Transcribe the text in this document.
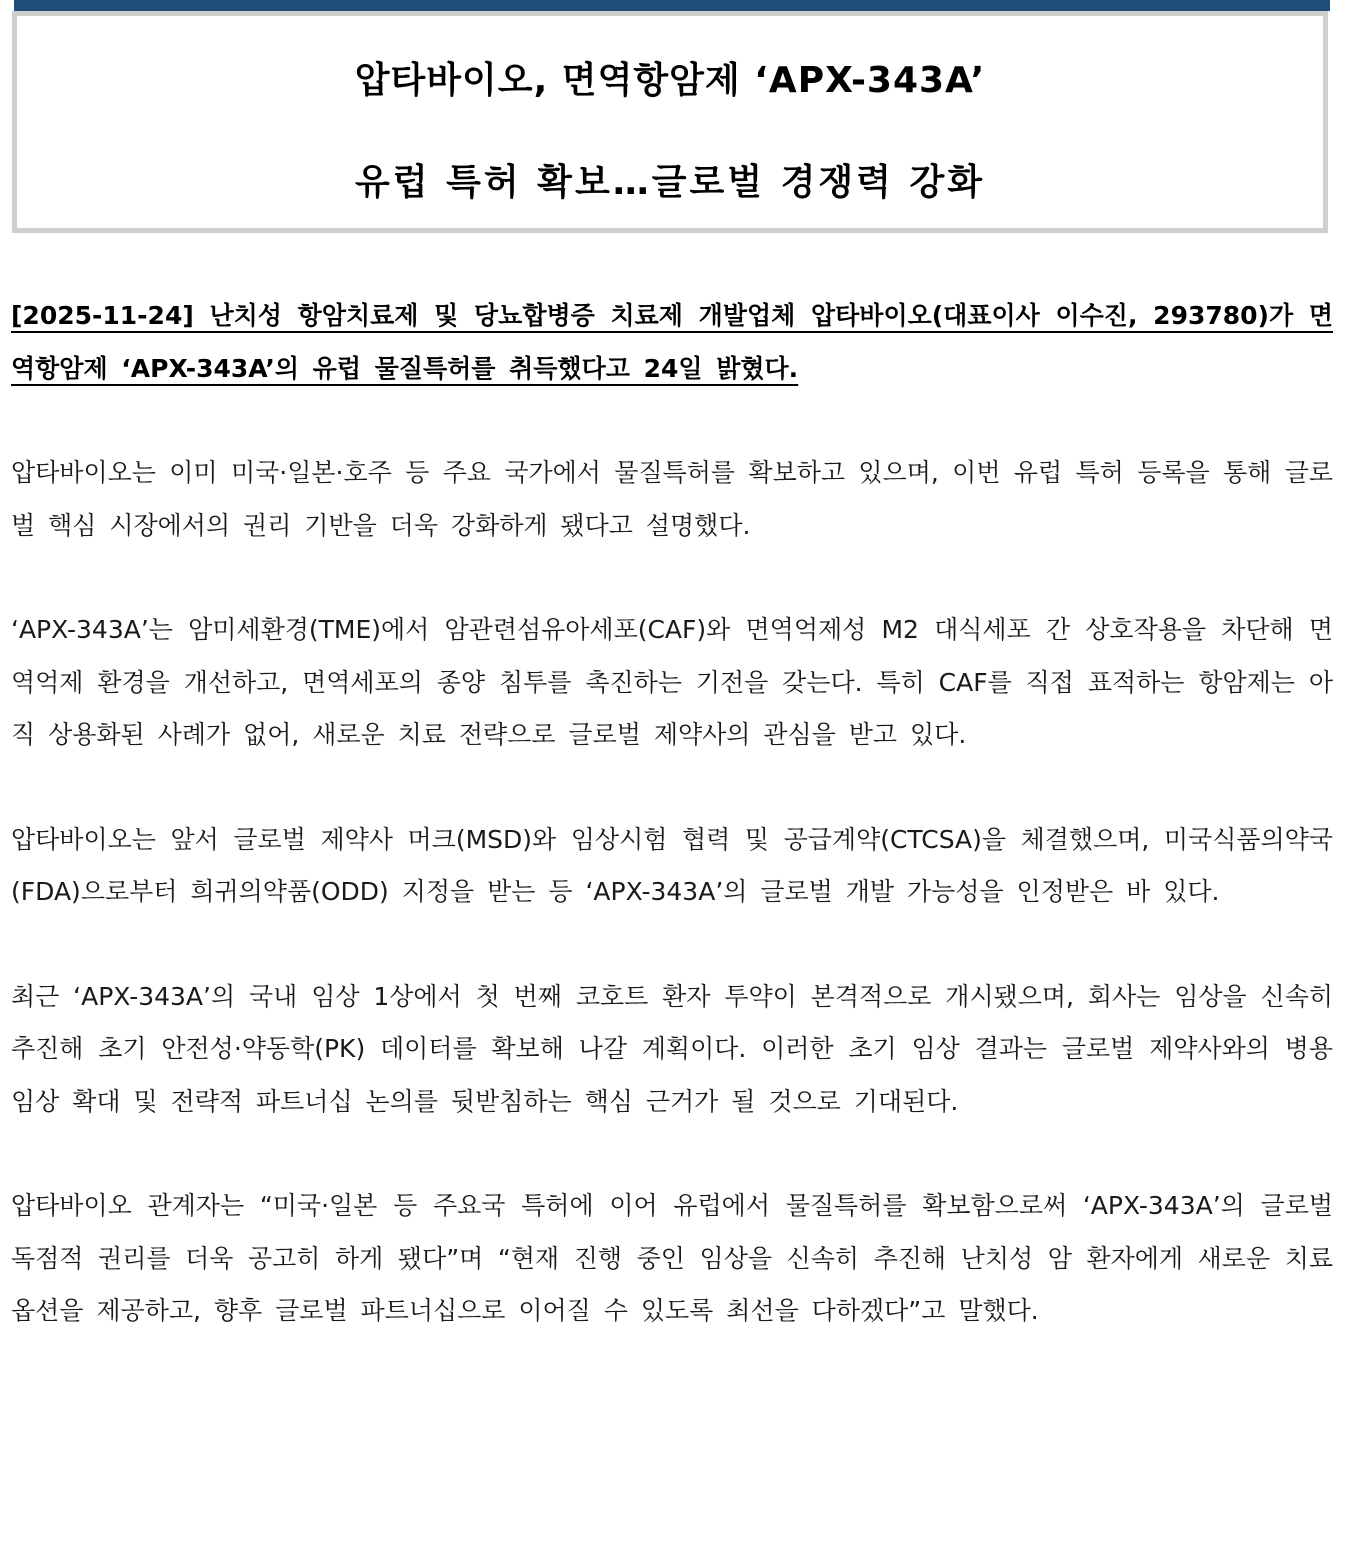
압타바이오, 면역항암제 ‘APX-343A’
유럽 특허 확보…글로벌 경쟁력 강화

[2025-11-24] 난치성 항암치료제 및 당뇨합병증 치료제 개발업체 압타바이오(대표이사 이수진, 293780)가 면역항암제 ‘APX-343A’의 유럽 물질특허를 취득했다고 24일 밝혔다.

압타바이오는 이미 미국·일본·호주 등 주요 국가에서 물질특허를 확보하고 있으며, 이번 유럽 특허 등록을 통해 글로벌 핵심 시장에서의 권리 기반을 더욱 강화하게 됐다고 설명했다.

‘APX-343A’는 암미세환경(TME)에서 암관련섬유아세포(CAF)와 면역억제성 M2 대식세포 간 상호작용을 차단해 면역억제 환경을 개선하고, 면역세포의 종양 침투를 촉진하는 기전을 갖는다. 특히 CAF를 직접 표적하는 항암제는 아직 상용화된 사례가 없어, 새로운 치료 전략으로 글로벌 제약사의 관심을 받고 있다.

압타바이오는 앞서 글로벌 제약사 머크(MSD)와 임상시험 협력 및 공급계약(CTCSA)을 체결했으며, 미국식품의약국(FDA)으로부터 희귀의약품(ODD) 지정을 받는 등 ‘APX-343A’의 글로벌 개발 가능성을 인정받은 바 있다.

최근 ‘APX-343A’의 국내 임상 1상에서 첫 번째 코호트 환자 투약이 본격적으로 개시됐으며, 회사는 임상을 신속히 추진해 초기 안전성·약동학(PK) 데이터를 확보해 나갈 계획이다. 이러한 초기 임상 결과는 글로벌 제약사와의 병용 임상 확대 및 전략적 파트너십 논의를 뒷받침하는 핵심 근거가 될 것으로 기대된다.

압타바이오 관계자는 “미국·일본 등 주요국 특허에 이어 유럽에서 물질특허를 확보함으로써 ‘APX-343A’의 글로벌 독점적 권리를 더욱 공고히 하게 됐다”며 “현재 진행 중인 임상을 신속히 추진해 난치성 암 환자에게 새로운 치료 옵션을 제공하고, 향후 글로벌 파트너십으로 이어질 수 있도록 최선을 다하겠다”고 말했다.
